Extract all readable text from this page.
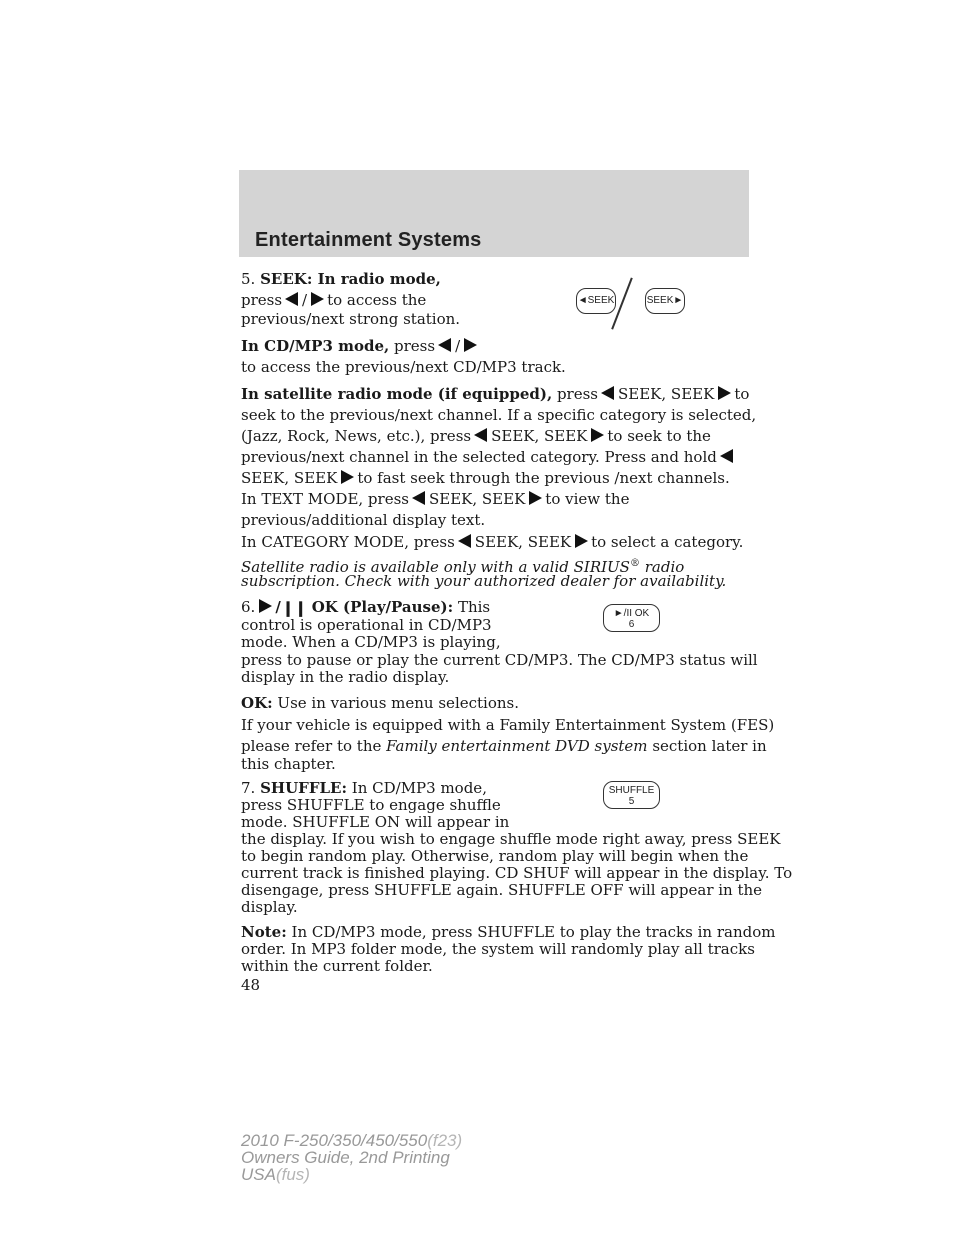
Entertainment Systems
5. SEEK: In radio mode,
press / to access the
previous/next strong station.
In CD/MP3 mode, press /
to access the previous/next CD/MP3 track.
In satellite radio mode (if equipped), press SEEK, SEEK to
seek to the previous/next channel. If a specific category is selected,
(Jazz, Rock, News, etc.), press SEEK, SEEK to seek to the
previous/next channel in the selected category. Press and hold
SEEK, SEEK to fast seek through the previous /next channels.
In TEXT MODE, press SEEK, SEEK to view the
previous/additional display text.
In CATEGORY MODE, press SEEK, SEEK to select a category.
Satellite radio is available only with a valid SIRIUS® radio
subscription. Check with your authorized dealer for availability.
◄SEEK	SEEK►
6. /❙❙ OK (Play/Pause): This
control is operational in CD/MP3
mode. When a CD/MP3 is playing,
press to pause or play the current CD/MP3. The CD/MP3 status will
display in the radio display.
OK: Use in various menu selections.
If your vehicle is equipped with a Family Entertainment System (FES)
please refer to the Family entertainment DVD system section later in
this chapter.
►/II OK
6
7. SHUFFLE: In CD/MP3 mode,
press SHUFFLE to engage shuffle
mode. SHUFFLE ON will appear in
the display. If you wish to engage shuffle mode right away, press SEEK
to begin random play. Otherwise, random play will begin when the
current track is finished playing. CD SHUF will appear in the display. To
disengage, press SHUFFLE again. SHUFFLE OFF will appear in the
display.
Note: In CD/MP3 mode, press SHUFFLE to play the tracks in random
order. In MP3 folder mode, the system will randomly play all tracks
within the current folder.
SHUFFLE
5
48
2010 F-250/350/450/550(f23)
Owners Guide, 2nd Printing
USA(fus)
